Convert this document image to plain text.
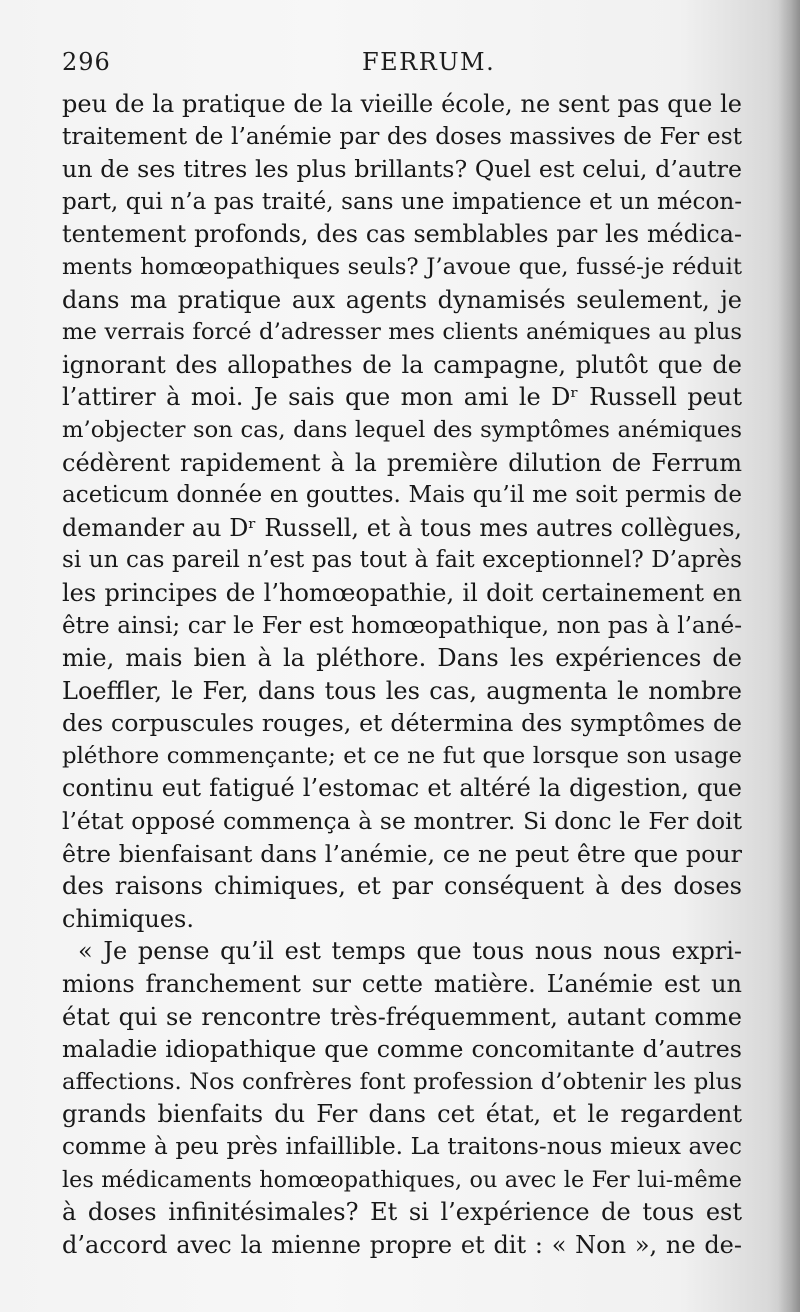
296	FERRUM.
peu de la pratique de la vieille école, ne sent pas que le
traitement de l’anémie par des doses massives de Fer est
un de ses titres les plus brillants? Quel est celui, d’autre
part, qui n’a pas traité, sans une impatience et un mécon-
tentement profonds, des cas semblables par les médica-
ments homœopathiques seuls? J’avoue que, fussé-je réduit
dans ma pratique aux agents dynamisés seulement, je
me verrais forcé d’adresser mes clients anémiques au plus
ignorant des allopathes de la campagne, plutôt que de
l’attirer à moi. Je sais que mon ami le Dʳ Russell peut
m’objecter son cas, dans lequel des symptômes anémiques
cédèrent rapidement à la première dilution de Ferrum
aceticum donnée en gouttes. Mais qu’il me soit permis de
demander au Dʳ Russell, et à tous mes autres collègues,
si un cas pareil n’est pas tout à fait exceptionnel? D’après
les principes de l’homœopathie, il doit certainement en
être ainsi; car le Fer est homœopathique, non pas à l’ané-
mie, mais bien à la pléthore. Dans les expériences de
Loeffler, le Fer, dans tous les cas, augmenta le nombre
des corpuscules rouges, et détermina des symptômes de
pléthore commençante; et ce ne fut que lorsque son usage
continu eut fatigué l’estomac et altéré la digestion, que
l’état opposé commença à se montrer. Si donc le Fer doit
être bienfaisant dans l’anémie, ce ne peut être que pour
des raisons chimiques, et par conséquent à des doses
chimiques.
« Je pense qu’il est temps que tous nous nous expri-
mions franchement sur cette matière. L’anémie est un
état qui se rencontre très-fréquemment, autant comme
maladie idiopathique que comme concomitante d’autres
affections. Nos confrères font profession d’obtenir les plus
grands bienfaits du Fer dans cet état, et le regardent
comme à peu près infaillible. La traitons-nous mieux avec
les médicaments homœopathiques, ou avec le Fer lui-même
à doses infinitésimales? Et si l’expérience de tous est
d’accord avec la mienne propre et dit : « Non », ne de-
